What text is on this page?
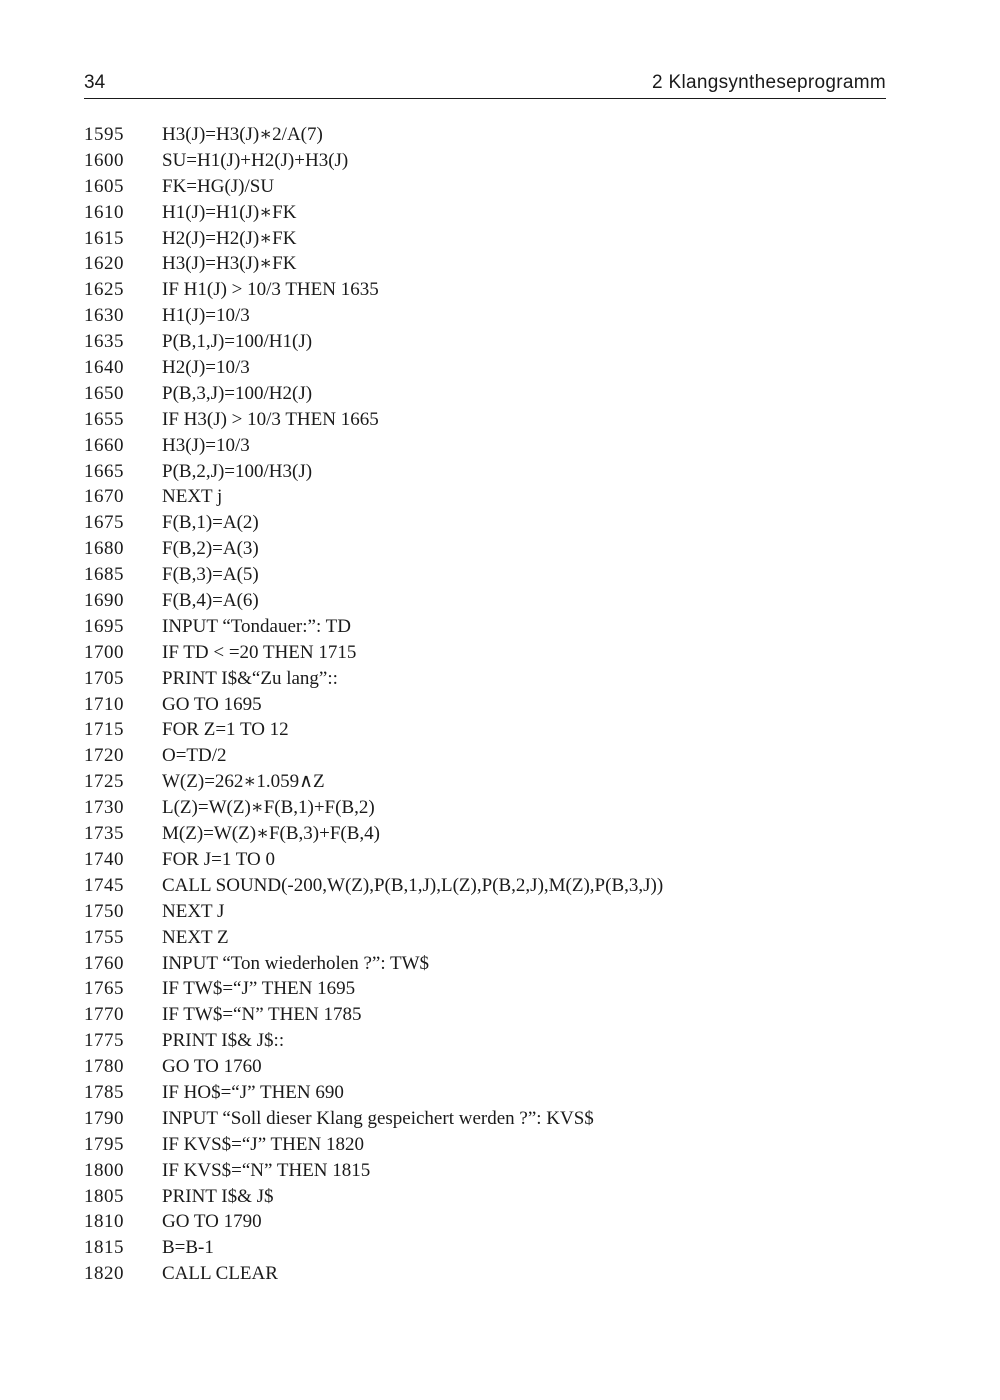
34	2 Klangsyntheseprogramm
1595	H3(J)=H3(J)∗2/A(7)
1600	SU=H1(J)+H2(J)+H3(J)
1605	FK=HG(J)/SU
1610	H1(J)=H1(J)∗FK
1615	H2(J)=H2(J)∗FK
1620	H3(J)=H3(J)∗FK
1625	IF H1(J) > 10/3 THEN 1635
1630	H1(J)=10/3
1635	P(B,1,J)=100/H1(J)
1640	H2(J)=10/3
1650	P(B,3,J)=100/H2(J)
1655	IF H3(J) > 10/3 THEN 1665
1660	H3(J)=10/3
1665	P(B,2,J)=100/H3(J)
1670	NEXT j
1675	F(B,1)=A(2)
1680	F(B,2)=A(3)
1685	F(B,3)=A(5)
1690	F(B,4)=A(6)
1695	INPUT “Tondauer:”: TD
1700	IF TD < =20 THEN 1715
1705	PRINT I$&“Zu lang”::
1710	GO TO 1695
1715	FOR Z=1 TO 12
1720	O=TD/2
1725	W(Z)=262∗1.059∧Z
1730	L(Z)=W(Z)∗F(B,1)+F(B,2)
1735	M(Z)=W(Z)∗F(B,3)+F(B,4)
1740	FOR J=1 TO 0
1745	CALL SOUND(-200,W(Z),P(B,1,J),L(Z),P(B,2,J),M(Z),P(B,3,J))
1750	NEXT J
1755	NEXT Z
1760	INPUT “Ton wiederholen ?”: TW$
1765	IF TW$=“J” THEN 1695
1770	IF TW$=“N” THEN 1785
1775	PRINT I$& J$::
1780	GO TO 1760
1785	IF HO$=“J” THEN 690
1790	INPUT “Soll dieser Klang gespeichert werden ?”: KVS$
1795	IF KVS$=“J” THEN 1820
1800	IF KVS$=“N” THEN 1815
1805	PRINT I$& J$
1810	GO TO 1790
1815	B=B-1
1820	CALL CLEAR
